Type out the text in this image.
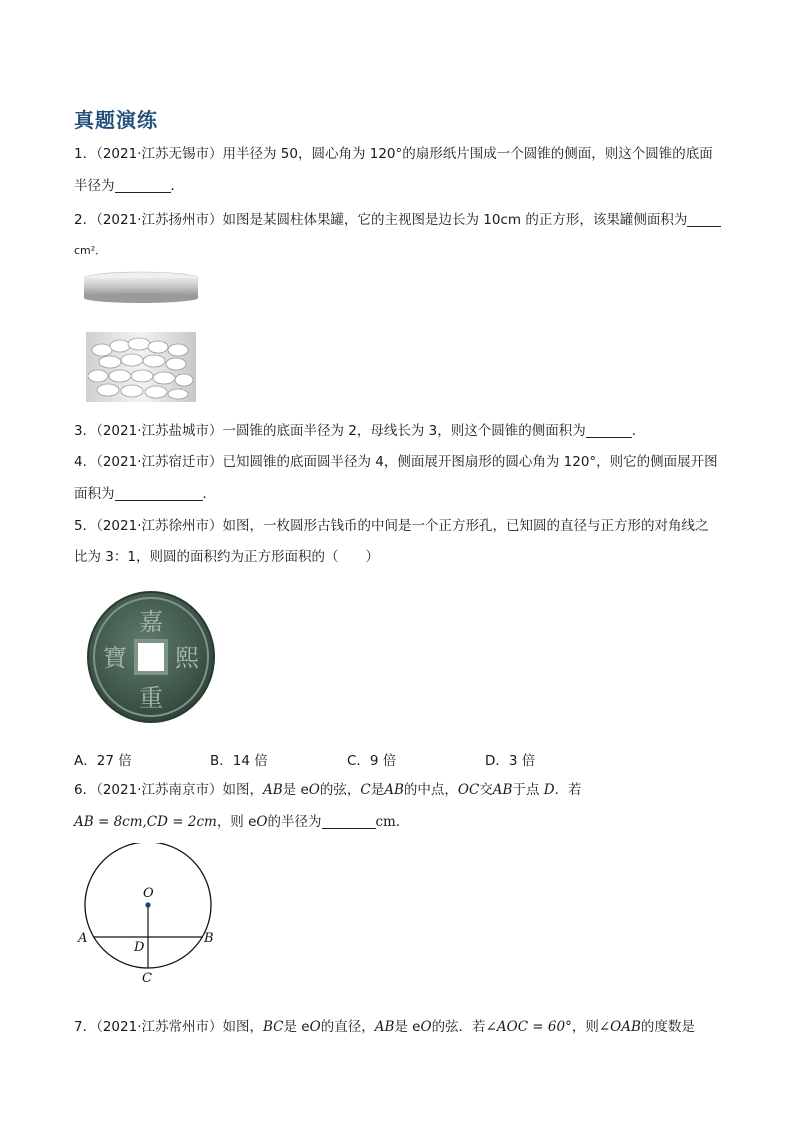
真题演练
1．（2021·江苏无锡市）用半径为 50，圆心角为 120°的扇形纸片围成一个圆锥的侧面，则这个圆锥的底面
半径为	．
2．（2021·江苏扬州市）如图是某圆柱体果罐，它的主视图是边长为 10cm 的正方形，该果罐侧面积为
cm²．
3．（2021·江苏盐城市）一圆锥的底面半径为 2，母线长为 3，则这个圆锥的侧面积为	．
4．（2021·江苏宿迁市）已知圆锥的底面圆半径为 4，侧面展开图扇形的圆心角为 120°，则它的侧面展开图
面积为	．
5．（2021·江苏徐州市）如图，一枚圆形古钱币的中间是一个正方形孔，已知圆的直径与正方形的对角线之
比为 3：1，则圆的面积约为正方形面积的（　　）
嘉
熙
重
寶
A．27 倍	B．14 倍	C．9 倍	D．3 倍
6．（2021·江苏南京市）如图，AB是 eO的弦，C是AB的中点，OC交AB于点 D．若
AB = 8cm,CD = 2cm，则 eO的半径为	cm．
O
A	B
D
C
7．（2021·江苏常州市）如图，BC是 eO的直径，AB是 eO的弦．若∠AOC = 60°，则∠OAB的度数是
